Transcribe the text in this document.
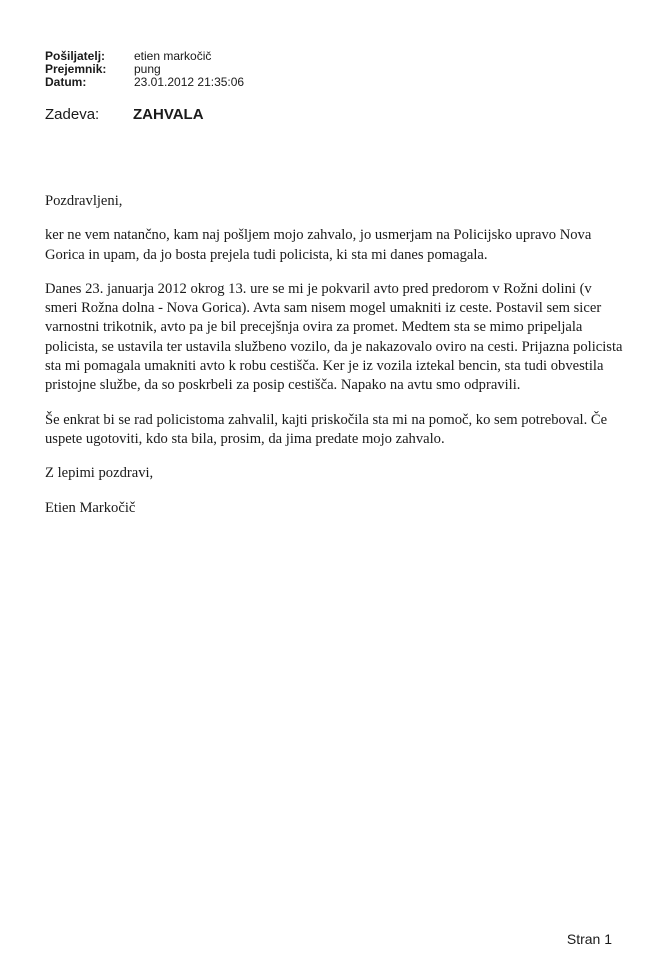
Pošiljatelj:	etien markočič
Prejemnik:	pung
Datum:	23.01.2012 21:35:06
Zadeva:	ZAHVALA

Pozdravljeni,

ker ne vem natančno, kam naj pošljem mojo zahvalo, jo usmerjam na Policijsko upravo Nova Gorica in upam, da jo bosta prejela tudi policista, ki sta mi danes pomagala.

Danes 23. januarja 2012 okrog 13. ure se mi je pokvaril avto pred predorom v Rožni dolini (v smeri Rožna dolna - Nova Gorica). Avta sam nisem mogel umakniti iz ceste. Postavil sem sicer varnostni trikotnik, avto pa je bil precejšnja ovira za promet. Medtem sta se mimo pripeljala policista, se ustavila ter ustavila službeno vozilo, da je nakazovalo oviro na cesti. Prijazna policista sta mi pomagala umakniti avto k robu cestišča. Ker je iz vozila iztekal bencin, sta tudi obvestila pristojne službe, da so poskrbeli za posip cestišča. Napako na avtu smo odpravili.

Še enkrat bi se rad policistoma zahvalil, kajti priskočila sta mi na pomoč, ko sem potreboval. Če uspete ugotoviti, kdo sta bila, prosim, da jima predate mojo zahvalo.

Z lepimi pozdravi,

Etien Markočič

Stran 1
